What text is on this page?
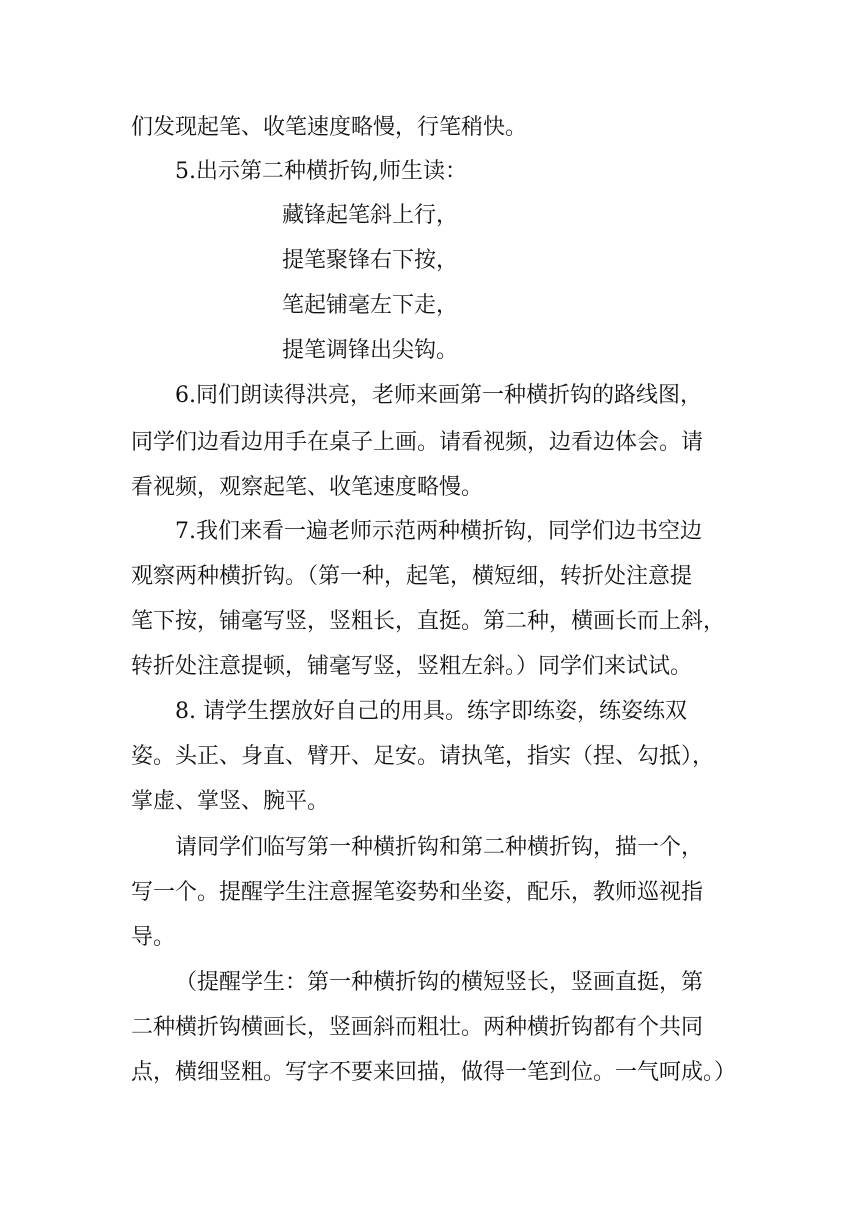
们发现起笔、收笔速度略慢，行笔稍快。

5.出示第二种横折钩,师生读：

藏锋起笔斜上行，

提笔聚锋右下按，

笔起铺毫左下走，

提笔调锋出尖钩。

6.同们朗读得洪亮，老师来画第一种横折钩的路线图，

同学们边看边用手在桌子上画。请看视频，边看边体会。请

看视频，观察起笔、收笔速度略慢。

7.我们来看一遍老师示范两种横折钩，同学们边书空边

观察两种横折钩。（第一种，起笔，横短细，转折处注意提

笔下按，铺毫写竖，竖粗长，直挺。第二种，横画长而上斜，

转折处注意提顿，铺毫写竖，竖粗左斜。）同学们来试试。

8. 请学生摆放好自己的用具。练字即练姿，练姿练双

姿。头正、身直、臂开、足安。请执笔，指实（捏、勾抵），

掌虚、掌竖、腕平。

请同学们临写第一种横折钩和第二种横折钩，描一个，

写一个。提醒学生注意握笔姿势和坐姿，配乐，教师巡视指

导。

（提醒学生：第一种横折钩的横短竖长，竖画直挺，第

二种横折钩横画长，竖画斜而粗壮。两种横折钩都有个共同

点，横细竖粗。写字不要来回描，做得一笔到位。一气呵成。）
